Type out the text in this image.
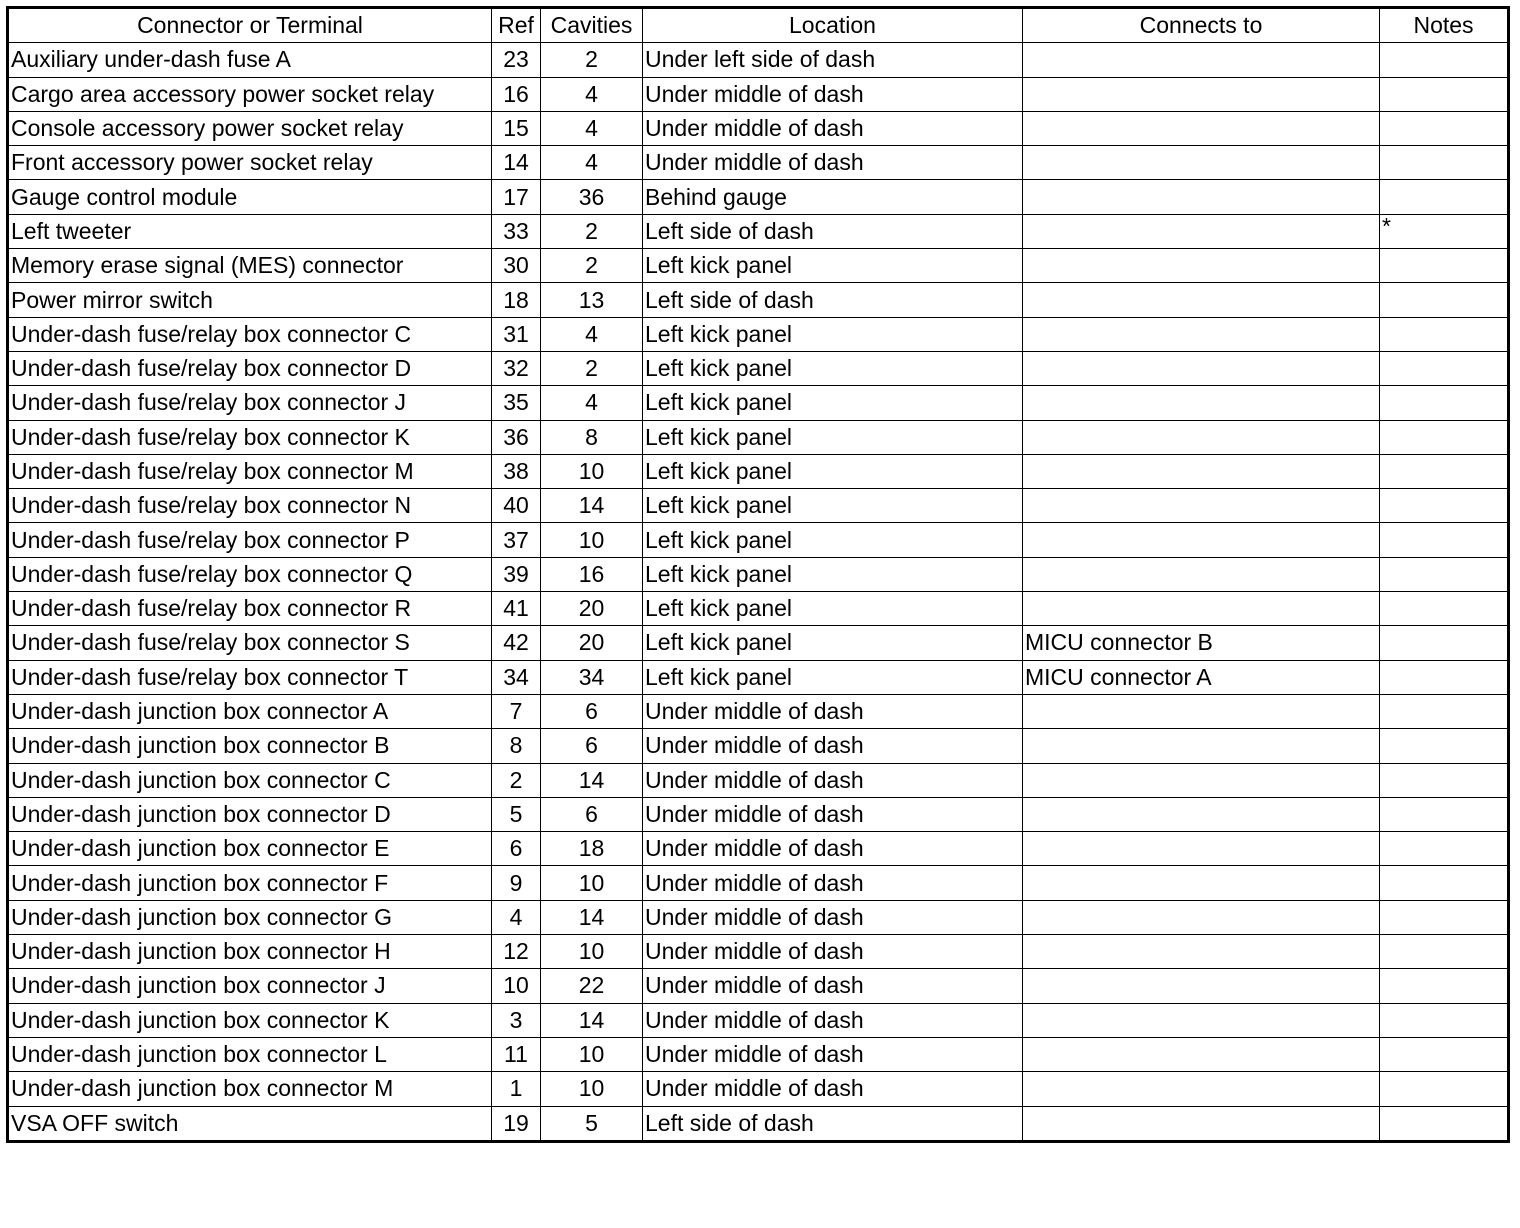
Connector or Terminal	Ref	Cavities	Location	Connects to	Notes
Auxiliary under-dash fuse A	23	2	Under left side of dash		
Cargo area accessory power socket relay	16	4	Under middle of dash		
Console accessory power socket relay	15	4	Under middle of dash		
Front accessory power socket relay	14	4	Under middle of dash		
Gauge control module	17	36	Behind gauge		
Left tweeter	33	2	Left side of dash		*
Memory erase signal (MES) connector	30	2	Left kick panel		
Power mirror switch	18	13	Left side of dash		
Under-dash fuse/relay box connector C	31	4	Left kick panel		
Under-dash fuse/relay box connector D	32	2	Left kick panel		
Under-dash fuse/relay box connector J	35	4	Left kick panel		
Under-dash fuse/relay box connector K	36	8	Left kick panel		
Under-dash fuse/relay box connector M	38	10	Left kick panel		
Under-dash fuse/relay box connector N	40	14	Left kick panel		
Under-dash fuse/relay box connector P	37	10	Left kick panel		
Under-dash fuse/relay box connector Q	39	16	Left kick panel		
Under-dash fuse/relay box connector R	41	20	Left kick panel		
Under-dash fuse/relay box connector S	42	20	Left kick panel	MICU connector B	
Under-dash fuse/relay box connector T	34	34	Left kick panel	MICU connector A	
Under-dash junction box connector A	7	6	Under middle of dash		
Under-dash junction box connector B	8	6	Under middle of dash		
Under-dash junction box connector C	2	14	Under middle of dash		
Under-dash junction box connector D	5	6	Under middle of dash		
Under-dash junction box connector E	6	18	Under middle of dash		
Under-dash junction box connector F	9	10	Under middle of dash		
Under-dash junction box connector G	4	14	Under middle of dash		
Under-dash junction box connector H	12	10	Under middle of dash		
Under-dash junction box connector J	10	22	Under middle of dash		
Under-dash junction box connector K	3	14	Under middle of dash		
Under-dash junction box connector L	11	10	Under middle of dash		
Under-dash junction box connector M	1	10	Under middle of dash		
VSA OFF switch	19	5	Left side of dash		
